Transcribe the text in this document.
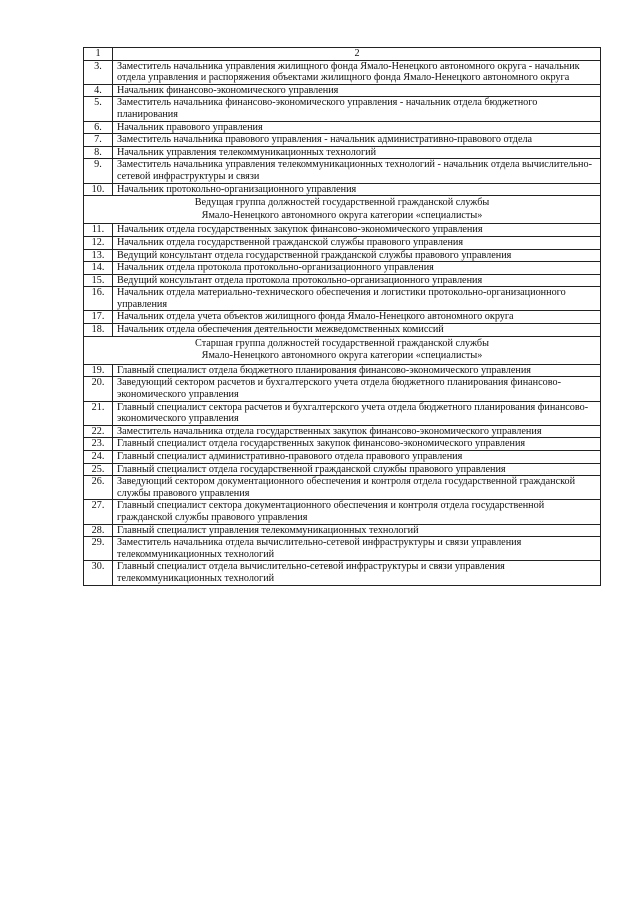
1	2
3.	Заместитель начальника управления жилищного фонда Ямало-Ненецкого автономного округа - начальник отдела управления и распоряжения объектами жилищного фонда Ямало-Ненецкого автономного округа
4.	Начальник финансово-экономического управления
5.	Заместитель начальника финансово-экономического управления - начальник отдела бюджетного планирования
6.	Начальник правового управления
7.	Заместитель начальника правового управления - начальник административно-правового отдела
8.	Начальник управления телекоммуникационных технологий
9.	Заместитель начальника управления телекоммуникационных технологий - начальник отдела вычислительно-сетевой инфраструктуры и связи
10.	Начальник протокольно-организационного управления

Ведущая группа должностей государственной гражданской службы
Ямало-Ненецкого автономного округа категории «специалисты»	

11.	Начальник отдела государственных закупок финансово-экономического управления
12.	Начальник отдела государственной гражданской службы правового управления
13.	Ведущий консультант отдела государственной гражданской службы правового управления
14.	Начальник отдела протокола протокольно-организационного управления
15.	Ведущий консультант отдела протокола протокольно-организационного управления
16.	Начальник отдела материально-технического обеспечения и логистики протокольно-организационного управления
17.	Начальник отдела учета объектов жилищного фонда Ямало-Ненецкого автономного округа
18.	Начальник отдела обеспечения деятельности межведомственных комиссий

Старшая группа должностей государственной гражданской службы
Ямало-Ненецкого автономного округа категории «специалисты»	

19.	Главный специалист отдела бюджетного планирования финансово-экономического управления
20.	Заведующий сектором расчетов и бухгалтерского учета отдела бюджетного планирования финансово-экономического управления
21.	Главный специалист сектора расчетов и бухгалтерского учета отдела бюджетного планирования финансово-экономического управления
22.	Заместитель начальника отдела государственных закупок финансово-экономического управления
23.	Главный специалист отдела государственных закупок финансово-экономического управления
24.	Главный специалист административно-правового отдела правового управления
25.	Главный специалист отдела государственной гражданской службы правового управления
26.	Заведующий сектором документационного обеспечения и контроля отдела государственной гражданской службы правового управления
27.	Главный специалист сектора документационного обеспечения и контроля отдела государственной гражданской службы правового управления
28.	Главный специалист управления телекоммуникационных технологий
29.	Заместитель начальника отдела вычислительно-сетевой инфраструктуры и связи управления телекоммуникационных технологий
30.	Главный специалист отдела вычислительно-сетевой инфраструктуры и связи управления телекоммуникационных технологий
